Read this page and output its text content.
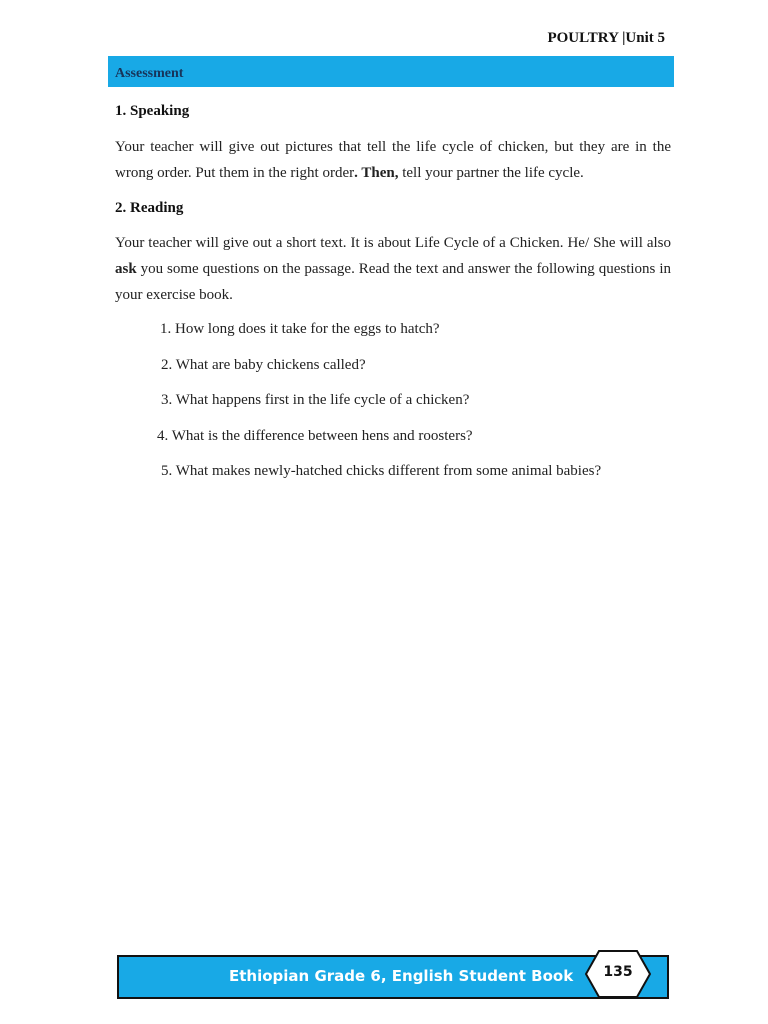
POULTRY |Unit 5
Assessment
1. Speaking
Your teacher will give out pictures that tell the life cycle of chicken, but they are in the wrong order. Put them in the right order. Then, tell your partner the life cycle.
2. Reading
Your teacher will give out a short text. It is about Life Cycle of a Chicken. He/ She will also ask you some questions on the passage. Read the text and answer the following questions in your exercise book.
1. How long does it take for the eggs to hatch?
2. What are baby chickens called?
3. What happens first in the life cycle of a chicken?
4. What is the difference between hens and roosters?
5. What makes newly-hatched chicks different from some animal babies?
Ethiopian Grade 6, English Student Book	135
